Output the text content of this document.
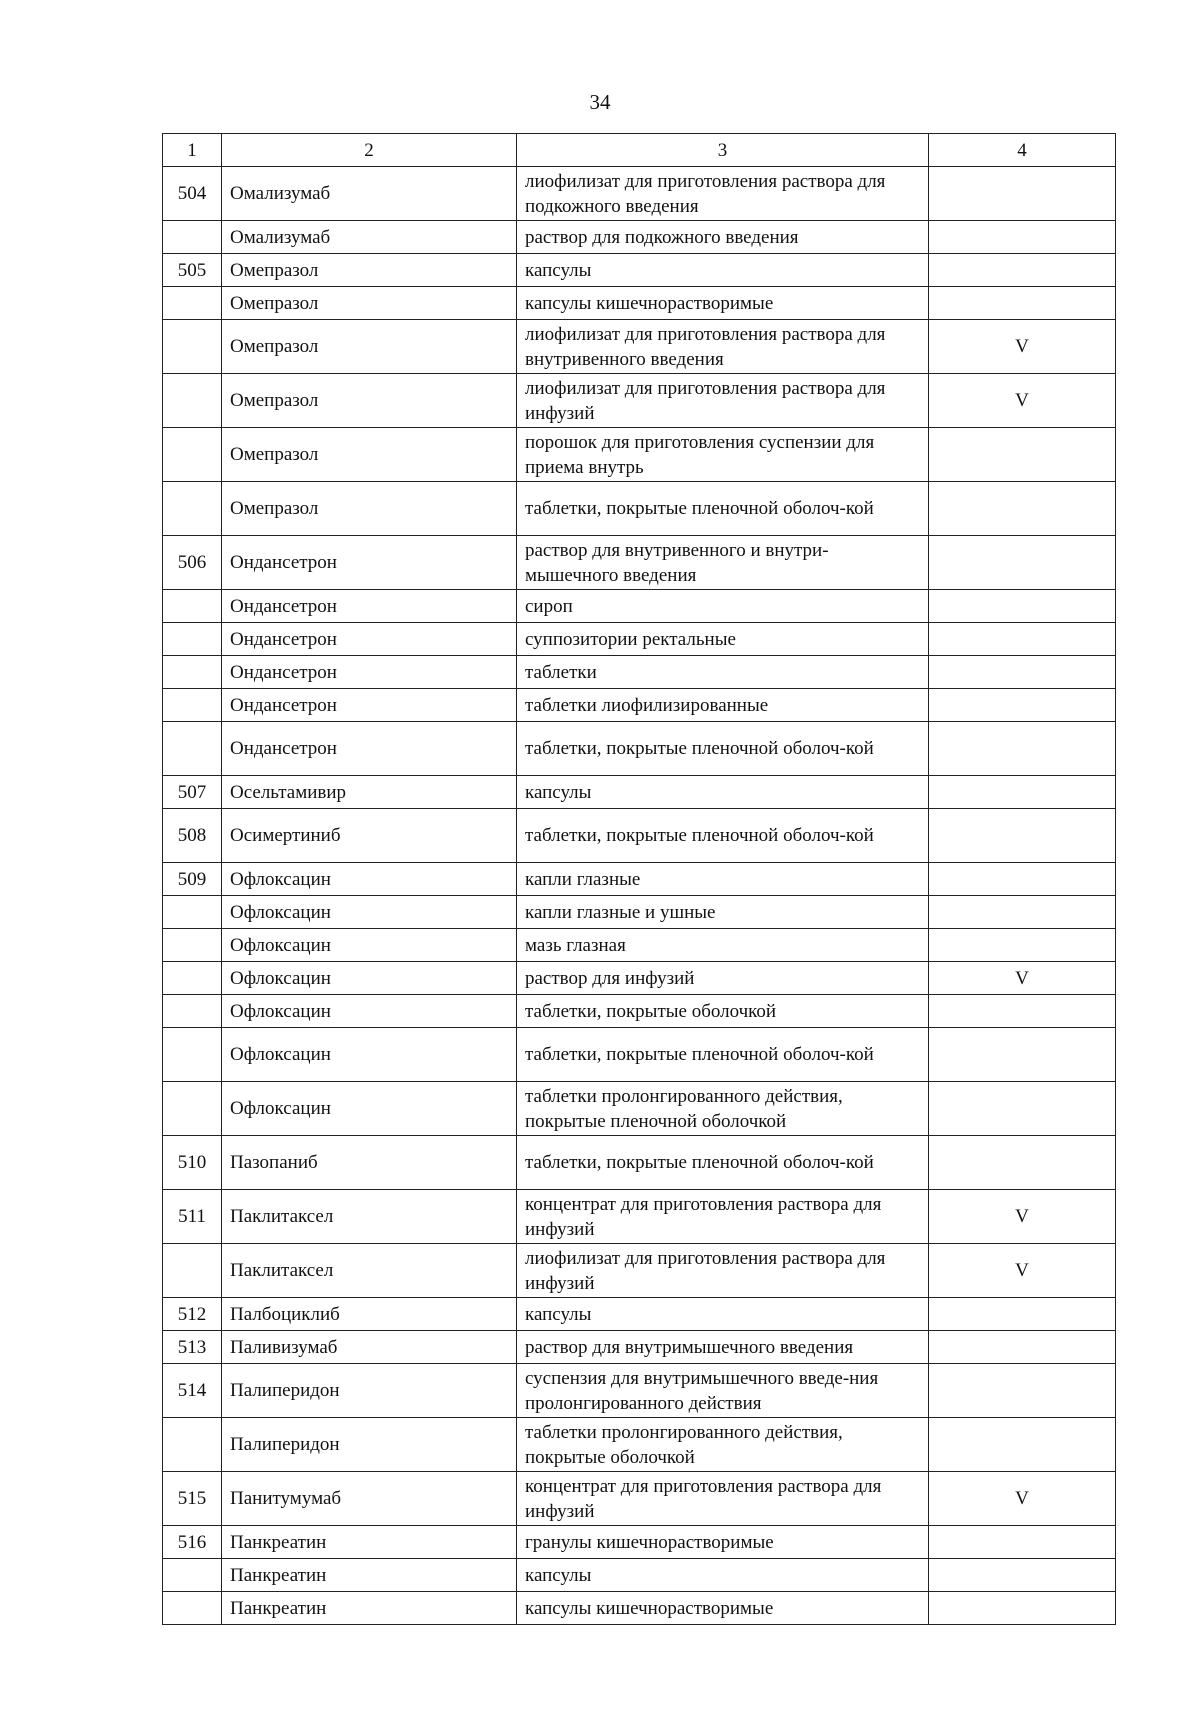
34
1	2	3	4
504	Омализумаб	лиофилизат для приготовления раствора для подкожного введения	
	Омализумаб	раствор для подкожного введения	
505	Омепразол	капсулы	
	Омепразол	капсулы кишечнорастворимые	
	Омепразол	лиофилизат для приготовления раствора для внутривенного введения	V
	Омепразол	лиофилизат для приготовления раствора для инфузий	V
	Омепразол	порошок для приготовления суспензии для приема внутрь	
	Омепразол	таблетки, покрытые пленочной оболоч-кой	
506	Ондансетрон	раствор для внутривенного и внутри-мышечного введения	
	Ондансетрон	сироп	
	Ондансетрон	суппозитории ректальные	
	Ондансетрон	таблетки	
	Ондансетрон	таблетки лиофилизированные	
	Ондансетрон	таблетки, покрытые пленочной оболоч-кой	
507	Осельтамивир	капсулы	
508	Осимертиниб	таблетки, покрытые пленочной оболоч-кой	
509	Офлоксацин	капли глазные	
	Офлоксацин	капли глазные и ушные	
	Офлоксацин	мазь глазная	
	Офлоксацин	раствор для инфузий	V
	Офлоксацин	таблетки, покрытые оболочкой	
	Офлоксацин	таблетки, покрытые пленочной оболоч-кой	
	Офлоксацин	таблетки пролонгированного действия, покрытые пленочной оболочкой	
510	Пазопаниб	таблетки, покрытые пленочной оболоч-кой	
511	Паклитаксел	концентрат для приготовления раствора для инфузий	V
	Паклитаксел	лиофилизат для приготовления раствора для инфузий	V
512	Палбоциклиб	капсулы	
513	Паливизумаб	раствор для внутримышечного введения	
514	Палиперидон	суспензия для внутримышечного введе-ния пролонгированного действия	
	Палиперидон	таблетки пролонгированного действия, покрытые оболочкой	
515	Панитумумаб	концентрат для приготовления раствора для инфузий	V
516	Панкреатин	гранулы кишечнорастворимые	
	Панкреатин	капсулы	
	Панкреатин	капсулы кишечнорастворимые	
